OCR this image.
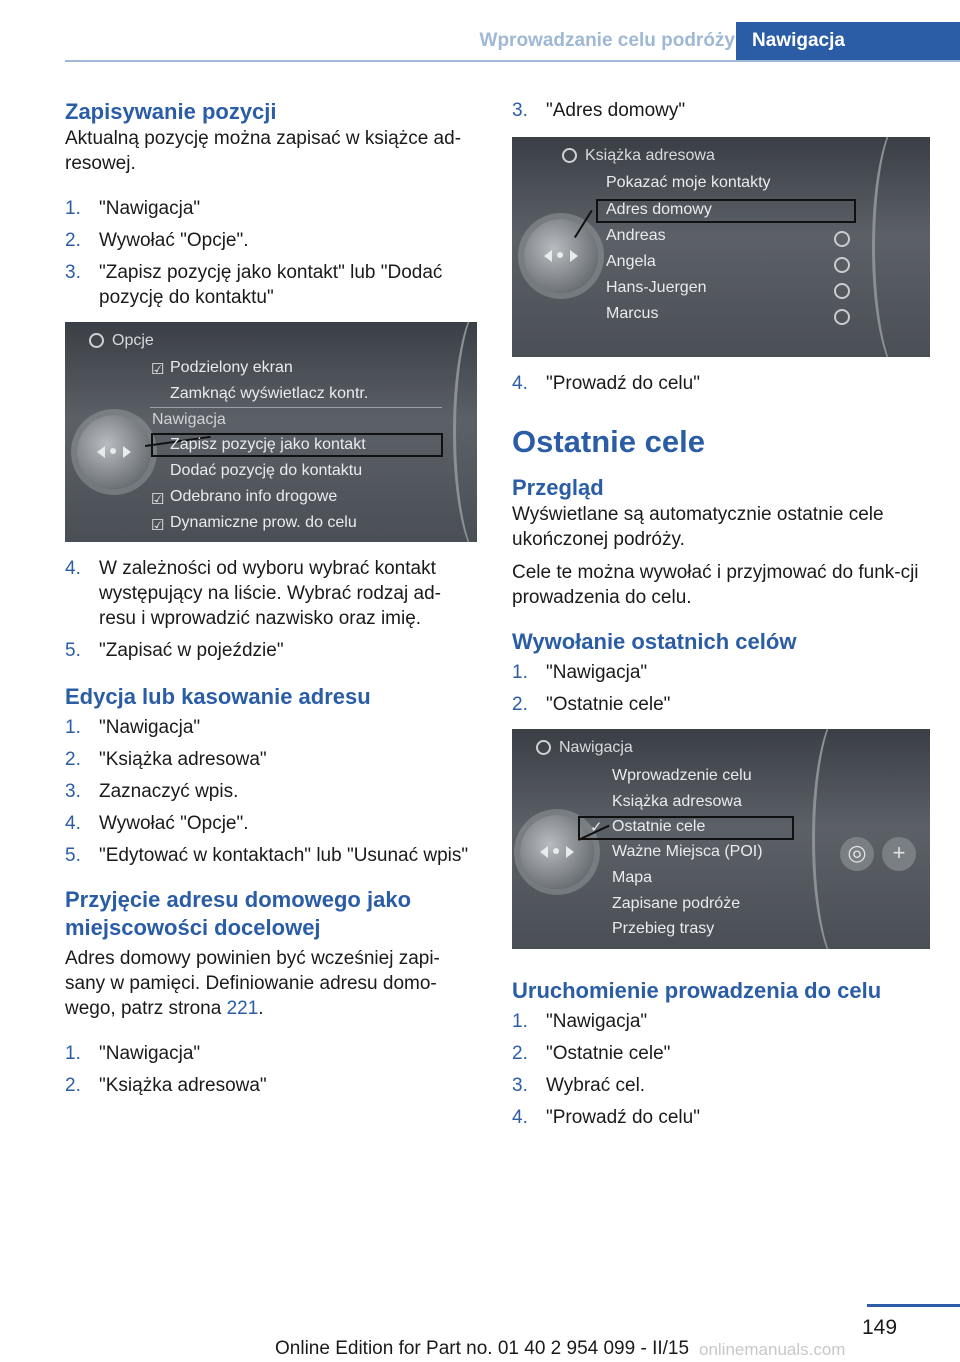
Wprowadzanie celu podróży Nawigacja
Zapisywanie pozycji

Aktualną pozycję można zapisać w książce ad-resowej.

1. "Nawigacja"
2. Wywołać "Opcje".
3. "Zapisz pozycję jako kontakt" lub "Dodać pozycję do kontaktu"
Opcje
☑ Podzielony ekran
Zamknąć wyświetlacz kontr.
Nawigacja
Zapisz pozycję jako kontakt
Dodać pozycję do kontaktu
☑ Odebrano info drogowe
☑ Dynamiczne prow. do celu
4. W zależności od wyboru wybrać kontakt występujący na liście. Wybrać rodzaj ad-resu i wprowadzić nazwisko oraz imię.
5. "Zapisać w pojeździe"
Edycja lub kasowanie adresu
1. "Nawigacja"
2. "Książka adresowa"
3. Zaznaczyć wpis.
4. Wywołać "Opcje".
5. "Edytować w kontaktach" lub "Usunać wpis"
Przyjęcie adresu domowego jako miejscowości docelowej

Adres domowy powinien być wcześniej zapi-sany w pamięci. Definiowanie adresu domo-wego, patrz strona 221.

1. "Nawigacja"
2. "Książka adresowa"
3. "Adres domowy"
Książka adresowa
Pokazać moje kontakty
Adres domowy
Andreas
Angela
Hans-Juergen
Marcus
4. "Prowadź do celu"
Ostatnie cele
Przegląd

Wyświetlane są automatycznie ostatnie cele ukończonej podróży.

Cele te można wywołać i przyjmować do funk-cji prowadzenia do celu.

Wywołanie ostatnich celów
1. "Nawigacja"
2. "Ostatnie cele"
Nawigacja
Wprowadzenie celu
Książka adresowa
✓ Ostatnie cele
Ważne Miejsca (POI)
Mapa
Zapisane podróże
Przebieg trasy
◎	+
Uruchomienie prowadzenia do celu
1. "Nawigacja"
2. "Ostatnie cele"
3. Wybrać cel.
4. "Prowadź do celu"
149
Online Edition for Part no. 01 40 2 954 099 - II/15 onlinemanuals.com
